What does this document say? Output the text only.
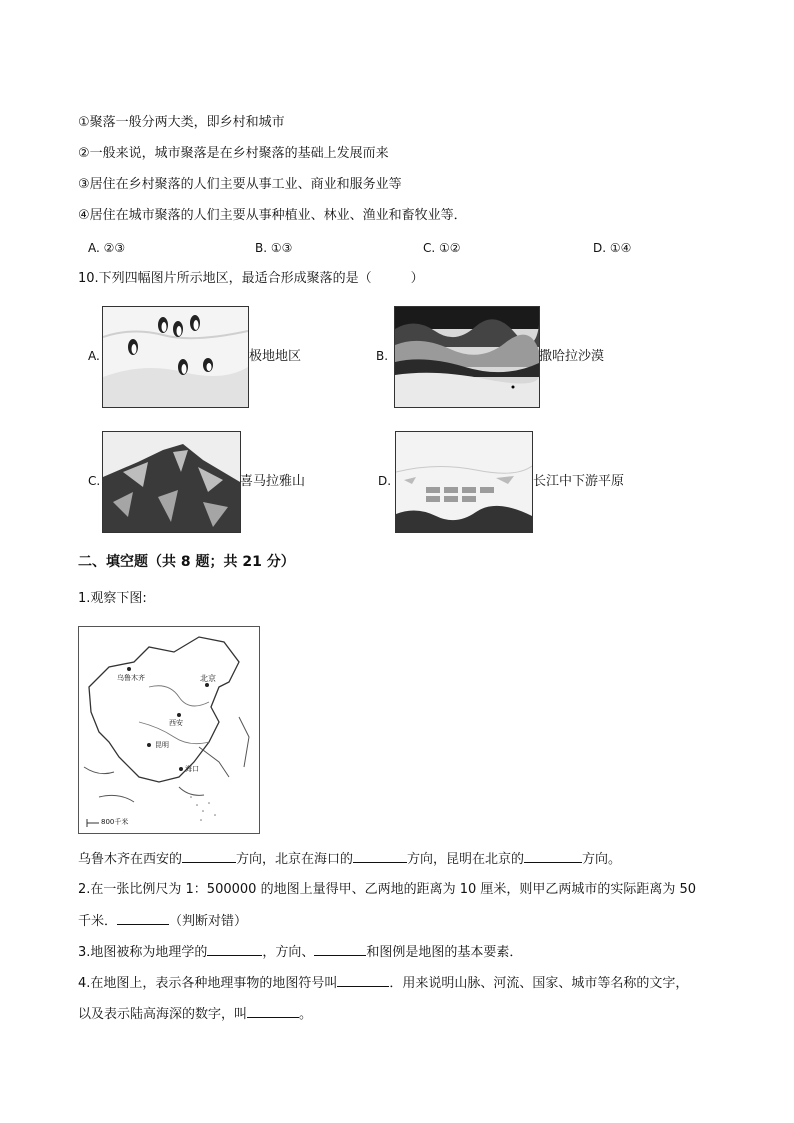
①聚落一般分两大类，即乡村和城市
②一般来说，城市聚落是在乡村聚落的基础上发展而来
③居住在乡村聚落的人们主要从事工业、商业和服务业等
④居住在城市聚落的人们主要从事种植业、林业、渔业和畜牧业等．
A. ②③	B. ①③	C. ①②	D. ①④
10.下列四幅图片所示地区，最适合形成聚落的是（　　　）
A.	极地地区	B.	撒哈拉沙漠
C.	喜马拉雅山	D.	长江中下游平原
二、填空题（共 8 题；共 21 分）
1.观察下图:
乌鲁木齐	北京
西安
昆明
海口
800千米
乌鲁木齐在西安的	方向，北京在海口的	方向，昆明在北京的	方向。
2.在一张比例尺为 1：500000 的地图上量得甲、乙两地的距离为 10 厘米，则甲乙两城市的实际距离为 50
千米．	（判断对错）
3.地图被称为地理学的	，方向、	和图例是地图的基本要素．
4.在地图上，表示各种地理事物的地图符号叫	．用来说明山脉、河流、国家、城市等名称的文字，
以及表示陆高海深的数字，叫	。
